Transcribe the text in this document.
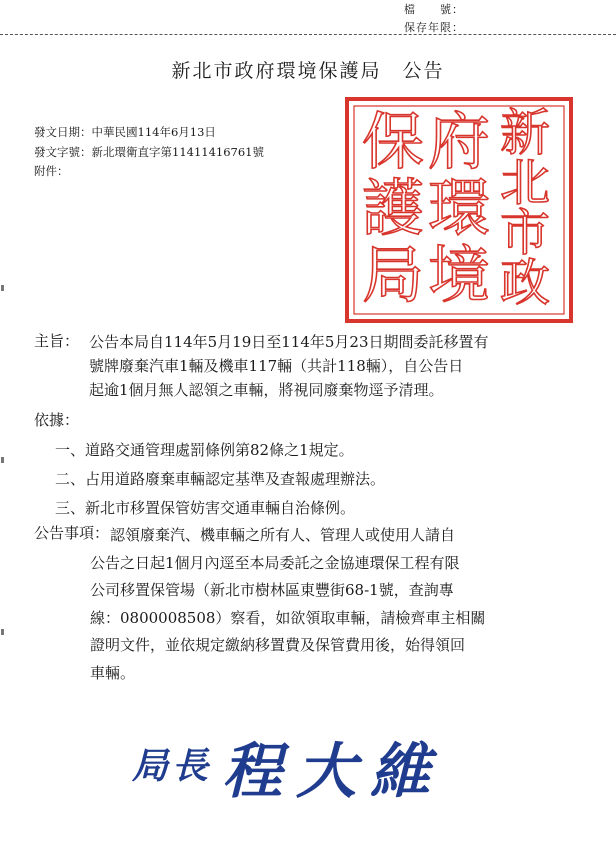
檔　　號：
保存年限：
新北市政府環境保護局　公告
發文日期：中華民國114年6月13日
發文字號：新北環衛直字第11411416761號
附件：
新
北
市
政
府
環
境
保
護
局
主旨： 公告本局自114年5月19日至114年5月23日期間委託移置有
號牌廢棄汽車1輛及機車117輛（共計118輛），自公告日
起逾1個月無人認領之車輛，將視同廢棄物逕予清理。
依據：
一、道路交通管理處罰條例第82條之1規定。
二、占用道路廢棄車輛認定基準及查報處理辦法。
三、新北市移置保管妨害交通車輛自治條例。
公告事項： 認領廢棄汽、機車輛之所有人、管理人或使用人請自
公告之日起1個月內逕至本局委託之金協連環保工程有限
公司移置保管場（新北市樹林區東豐街68-1號，查詢專
線：0800008508）察看，如欲領取車輛，請檢齊車主相關
證明文件，並依規定繳納移置費及保管費用後，始得領回
車輛。
局長 程大維
